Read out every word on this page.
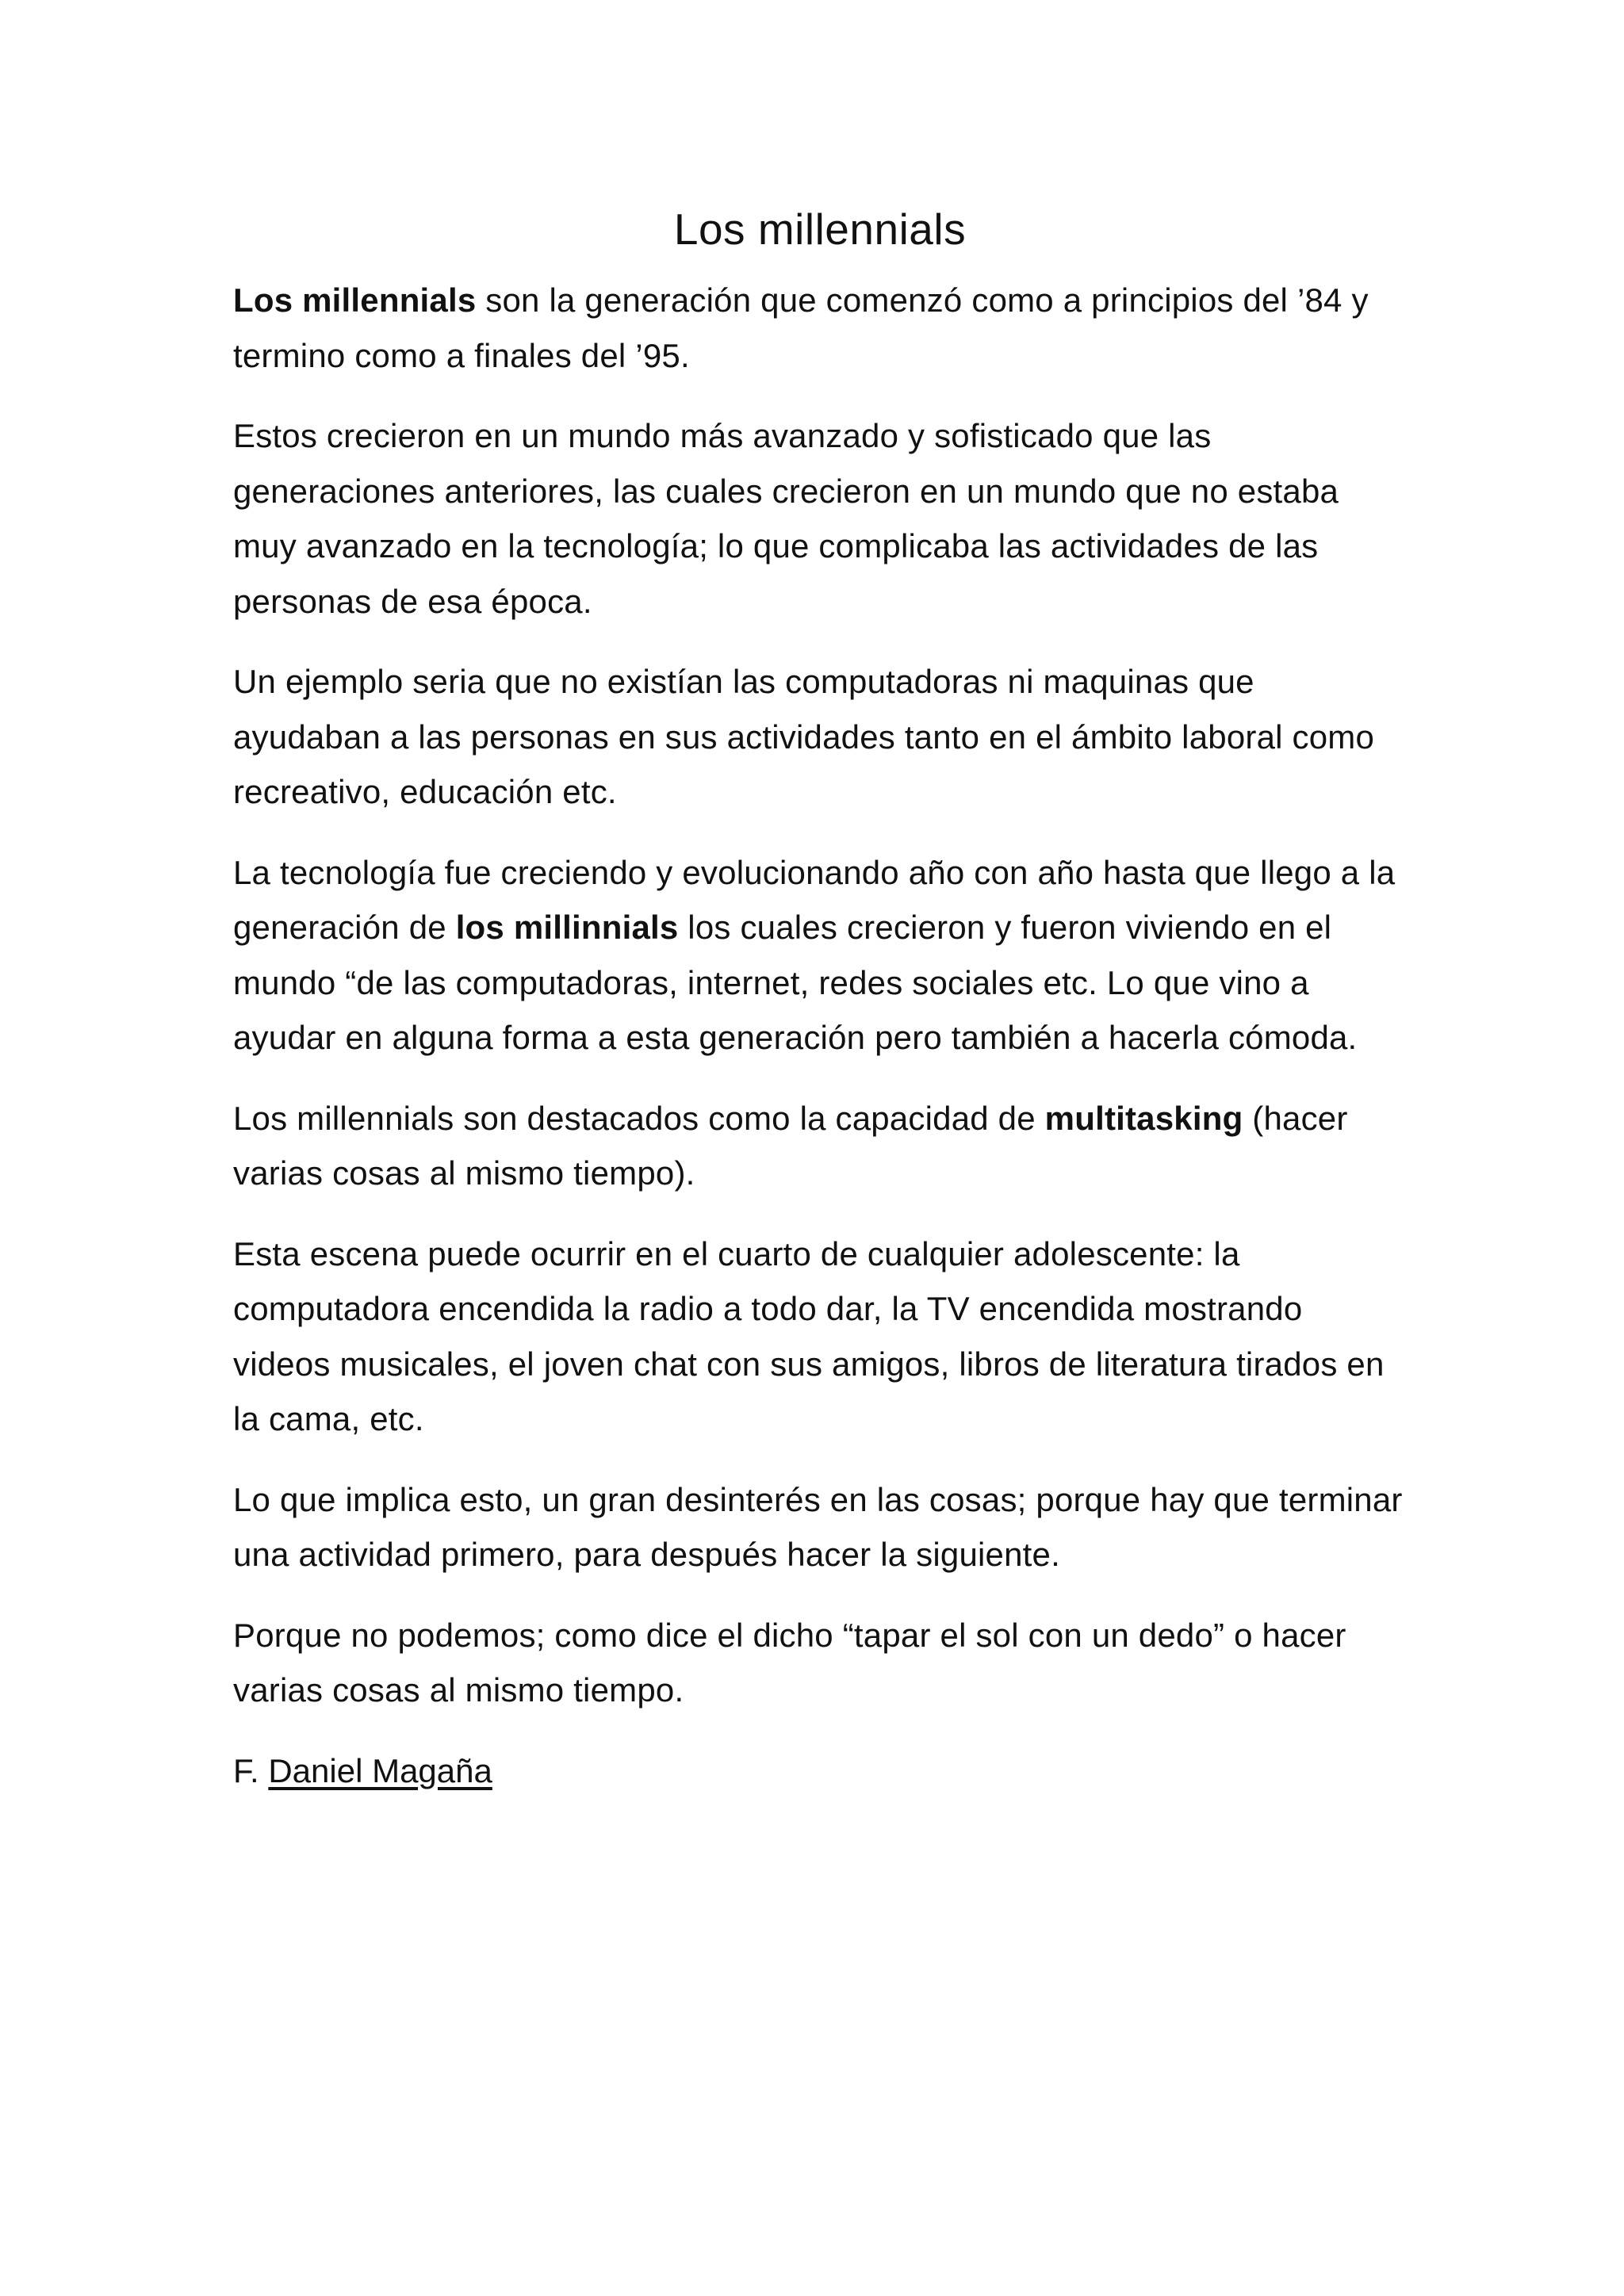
Los millennials

Los millennials son la generación que comenzó como a principios del ’84 y termino como a finales del ’95.

Estos crecieron en un mundo más avanzado y sofisticado que las generaciones anteriores, las cuales crecieron en un mundo que no estaba muy avanzado en la tecnología; lo que complicaba las actividades de las personas de esa época.

Un ejemplo seria que no existían las computadoras ni maquinas que ayudaban a las personas en sus actividades tanto en el ámbito laboral como recreativo, educación etc.

La tecnología fue creciendo y evolucionando año con año hasta que llego a la generación de los millinnials los cuales crecieron y fueron viviendo en el mundo “de las computadoras, internet, redes sociales etc. Lo que vino a ayudar en alguna forma a esta generación pero también a hacerla cómoda.

Los millennials son destacados como la capacidad de multitasking (hacer varias cosas al mismo tiempo).

Esta escena puede ocurrir en el cuarto de cualquier adolescente: la computadora encendida la radio a todo dar, la TV encendida mostrando videos musicales, el joven chat con sus amigos, libros de literatura tirados en la cama, etc.

Lo que implica esto, un gran desinterés en las cosas; porque hay que terminar una actividad primero, para después hacer la siguiente.

Porque no podemos; como dice el dicho “tapar el sol con un dedo” o hacer varias cosas al mismo tiempo.

F. Daniel Magaña
